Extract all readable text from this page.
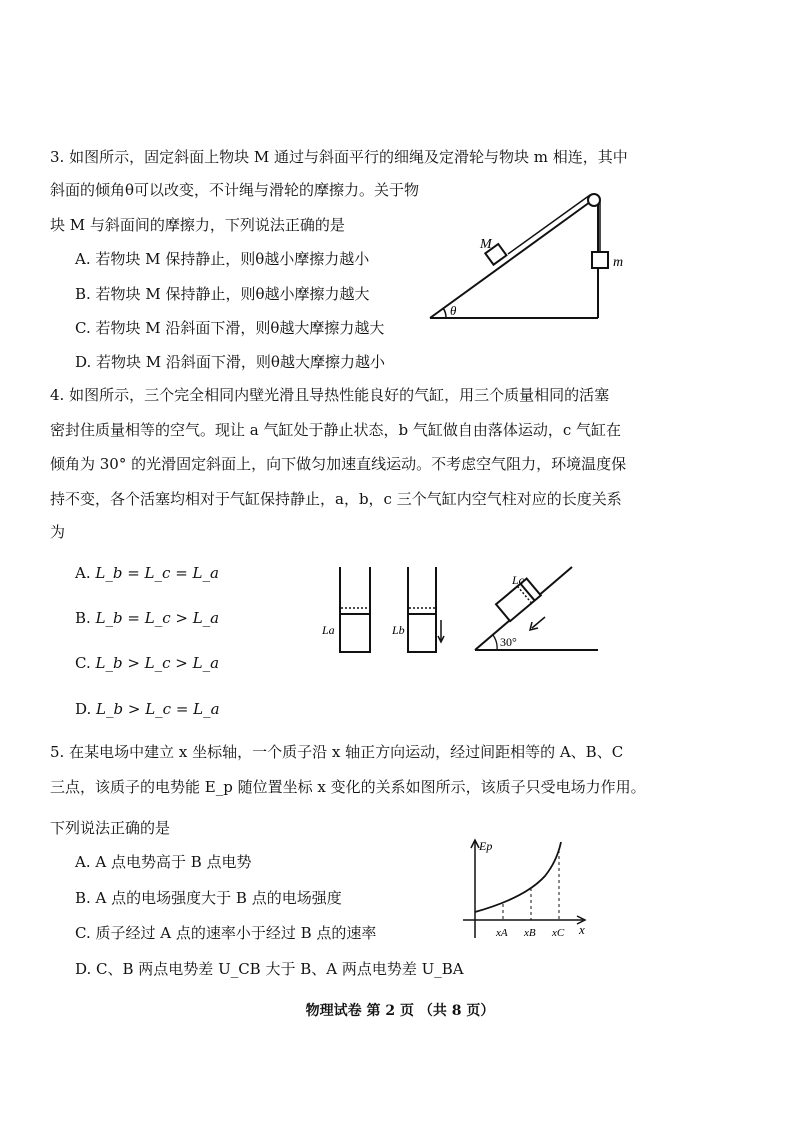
3. 如图所示，固定斜面上物块 M 通过与斜面平行的细绳及定滑轮与物块 m 相连，其中
斜面的倾角θ可以改变，不计绳与滑轮的摩擦力。关于物
块 M 与斜面间的摩擦力，下列说法正确的是
A. 若物块 M 保持静止，则θ越小摩擦力越小
B. 若物块 M 保持静止，则θ越小摩擦力越大
C. 若物块 M 沿斜面下滑，则θ越大摩擦力越大
D. 若物块 M 沿斜面下滑，则θ越大摩擦力越小
M
m
θ
4. 如图所示，三个完全相同内壁光滑且导热性能良好的气缸，用三个质量相同的活塞
密封住质量相等的空气。现让 a 气缸处于静止状态，b 气缸做自由落体运动，c 气缸在
倾角为 30° 的光滑固定斜面上，向下做匀加速直线运动。不考虑空气阻力，环境温度保
持不变，各个活塞均相对于气缸保持静止，a，b，c 三个气缸内空气柱对应的长度关系
为
A. L_b = L_c = L_a
B. L_b = L_c > L_a
C. L_b > L_c > L_a
D. L_b > L_c = L_a
La	Lb
30°
Lc
5. 在某电场中建立 x 坐标轴，一个质子沿 x 轴正方向运动，经过间距相等的 A、B、C
三点，该质子的电势能 E_p 随位置坐标 x 变化的关系如图所示，该质子只受电场力作用。
下列说法正确的是
A. A 点电势高于 B 点电势
B. A 点的电场强度大于 B 点的电场强度
C. 质子经过 A 点的速率小于经过 B 点的速率
D. C、B 两点电势差 U_CB 大于 B、A 两点电势差 U_BA
Ep
x
xA xB xC
物理试卷 第 2 页 （共 8 页）
